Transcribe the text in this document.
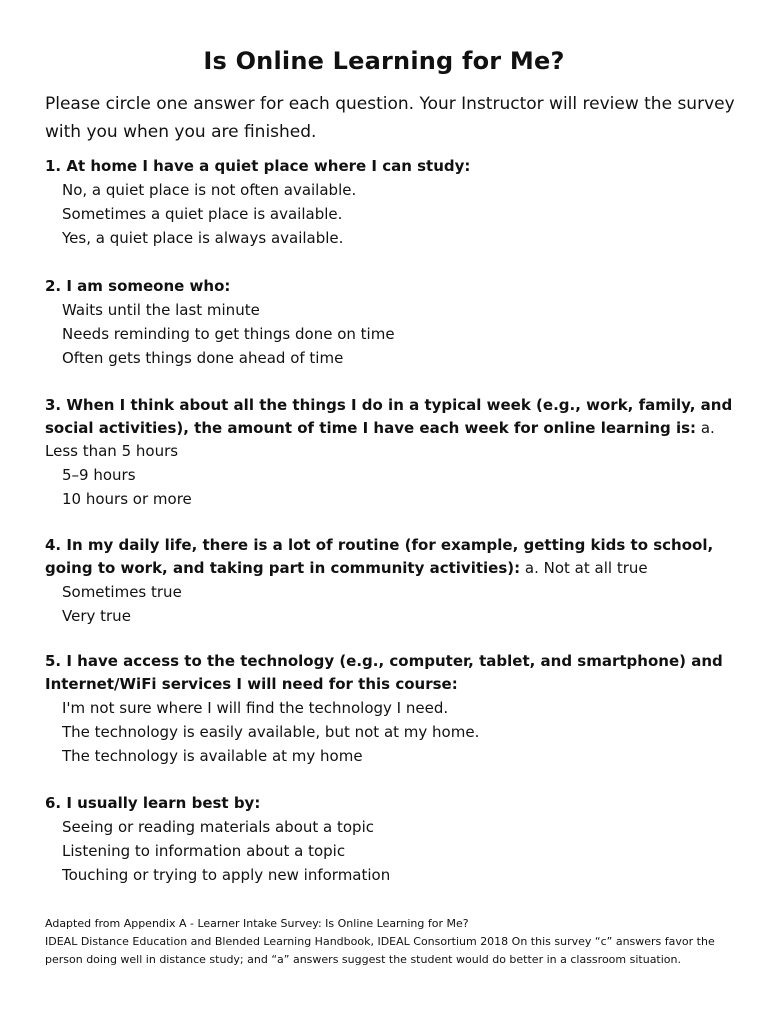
Is Online Learning for Me?
Please circle one answer for each question. Your Instructor will review the survey with you when you are finished.
1. At home I have a quiet place where I can study:
No, a quiet place is not often available.
Sometimes a quiet place is available.
Yes, a quiet place is always available.
2. I am someone who:
Waits until the last minute
Needs reminding to get things done on time
Often gets things done ahead of time
3. When I think about all the things I do in a typical week (e.g., work, family, and social activities), the amount of time I have each week for online learning is: a. Less than 5 hours
5–9 hours
10 hours or more
4. In my daily life, there is a lot of routine (for example, getting kids to school, going to work, and taking part in community activities): a. Not at all true
Sometimes true
Very true
5. I have access to the technology (e.g., computer, tablet, and smartphone) and Internet/WiFi services I will need for this course:
I'm not sure where I will find the technology I need.
The technology is easily available, but not at my home.
The technology is available at my home
6. I usually learn best by:
Seeing or reading materials about a topic
Listening to information about a topic
Touching or trying to apply new information
Adapted from Appendix A - Learner Intake Survey: Is Online Learning for Me?
IDEAL Distance Education and Blended Learning Handbook, IDEAL Consortium 2018 On this survey “c” answers favor the person doing well in distance study; and “a” answers suggest the student would do better in a classroom situation.
